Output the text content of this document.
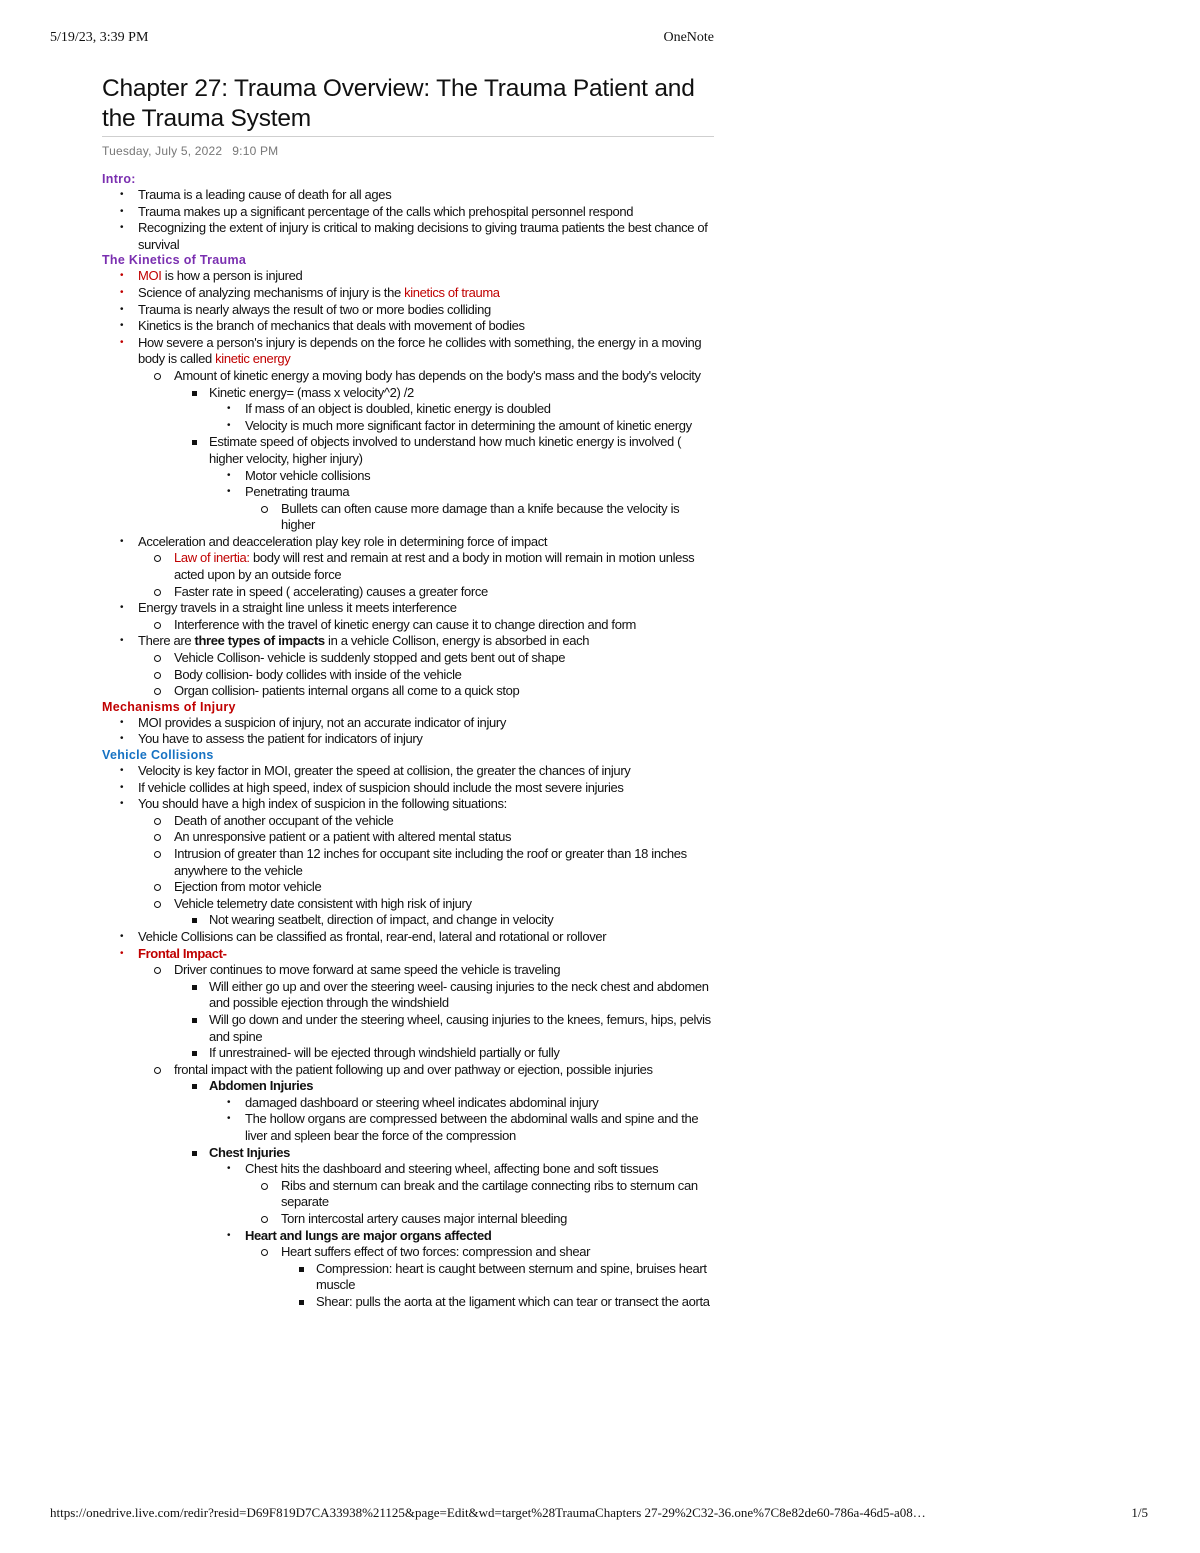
5/19/23, 3:39 PM	OneNote
Chapter 27: Trauma Overview: The Trauma Patient and the Trauma System
Tuesday, July 5, 2022 9:10 PM
Intro:
• Trauma is a leading cause of death for all ages
• Trauma makes up a significant percentage of the calls which prehospital personnel respond
• Recognizing the extent of injury is critical to making decisions to giving trauma patients the best chance of survival
The Kinetics of Trauma
• MOI is how a person is injured
• Science of analyzing mechanisms of injury is the kinetics of trauma
• Trauma is nearly always the result of two or more bodies colliding
• Kinetics is the branch of mechanics that deals with movement of bodies
• How severe a person's injury is depends on the force he collides with something, the energy in a moving body is called kinetic energy
Amount of kinetic energy a moving body has depends on the body's mass and the body's velocity
Kinetic energy= (mass x velocity^2) /2
• If mass of an object is doubled, kinetic energy is doubled
• Velocity is much more significant factor in determining the amount of kinetic energy
Estimate speed of objects involved to understand how much kinetic energy is involved ( higher velocity, higher injury)
• Motor vehicle collisions
• Penetrating trauma
Bullets can often cause more damage than a knife because the velocity is higher
• Acceleration and deacceleration play key role in determining force of impact
Law of inertia: body will rest and remain at rest and a body in motion will remain in motion unless acted upon by an outside force
Faster rate in speed ( accelerating) causes a greater force
• Energy travels in a straight line unless it meets interference
Interference with the travel of kinetic energy can cause it to change direction and form
• There are three types of impacts in a vehicle Collison, energy is absorbed in each
Vehicle Collison- vehicle is suddenly stopped and gets bent out of shape
Body collision- body collides with inside of the vehicle
Organ collision- patients internal organs all come to a quick stop
Mechanisms of Injury
• MOI provides a suspicion of injury, not an accurate indicator of injury
• You have to assess the patient for indicators of injury
Vehicle Collisions
• Velocity is key factor in MOI, greater the speed at collision, the greater the chances of injury
• If vehicle collides at high speed, index of suspicion should include the most severe injuries
• You should have a high index of suspicion in the following situations:
Death of another occupant of the vehicle
An unresponsive patient or a patient with altered mental status
Intrusion of greater than 12 inches for occupant site including the roof or greater than 18 inches anywhere to the vehicle
Ejection from motor vehicle
Vehicle telemetry date consistent with high risk of injury
Not wearing seatbelt, direction of impact, and change in velocity
• Vehicle Collisions can be classified as frontal, rear-end, lateral and rotational or rollover
• Frontal Impact-
Driver continues to move forward at same speed the vehicle is traveling
Will either go up and over the steering weel- causing injuries to the neck chest and abdomen and possible ejection through the windshield
Will go down and under the steering wheel, causing injuries to the knees, femurs, hips, pelvis and spine
If unrestrained- will be ejected through windshield partially or fully
frontal impact with the patient following up and over pathway or ejection, possible injuries
Abdomen Injuries
• damaged dashboard or steering wheel indicates abdominal injury
• The hollow organs are compressed between the abdominal walls and spine and the liver and spleen bear the force of the compression
Chest Injuries
• Chest hits the dashboard and steering wheel, affecting bone and soft tissues
Ribs and sternum can break and the cartilage connecting ribs to sternum can separate
Torn intercostal artery causes major internal bleeding
• Heart and lungs are major organs affected
Heart suffers effect of two forces: compression and shear
Compression: heart is caught between sternum and spine, bruises heart muscle
Shear: pulls the aorta at the ligament which can tear or transect the aorta
https://onedrive.live.com/redir?resid=D69F819D7CA33938%21125&page=Edit&wd=target%28TraumaChapters 27-29%2C32-36.one%7C8e82de60-786a-46d5-a08…	1/5
